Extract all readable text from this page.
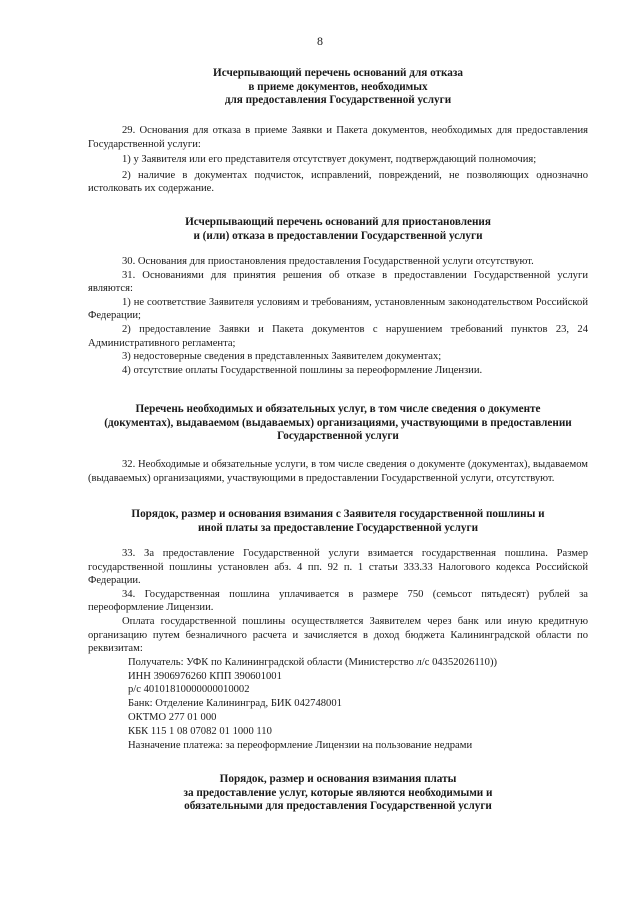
8
Исчерпывающий перечень оснований для отказа
в приеме документов, необходимых
для предоставления Государственной услуги

29. Основания для отказа в приеме Заявки и Пакета документов, необходимых для предоставления Государственной услуги:

1) у Заявителя или его представителя отсутствует документ, подтверждающий полномочия;

2) наличие в документах подчисток, исправлений, повреждений, не позволяющих однозначно истолковать их содержание.

Исчерпывающий перечень оснований для приостановления
и (или) отказа в предоставлении Государственной услуги

30. Основания для приостановления предоставления Государственной услуги отсутствуют.

31. Основаниями для принятия решения об отказе в предоставлении Государственной услуги являются:

1) не соответствие Заявителя условиям и требованиям, установленным законодательством Российской Федерации;

2) предоставление Заявки и Пакета документов с нарушением требований пунктов 23, 24 Административного регламента;

3) недостоверные сведения в представленных Заявителем документах;

4) отсутствие оплаты Государственной пошлины за переоформление Лицензии.

Перечень необходимых и обязательных услуг, в том числе сведения о документе
(документах), выдаваемом (выдаваемых) организациями, участвующими в предоставлении
Государственной услуги

32. Необходимые и обязательные услуги, в том числе сведения о документе (документах), выдаваемом (выдаваемых) организациями, участвующими в предоставлении Государственной услуги, отсутствуют.

Порядок, размер и основания взимания с Заявителя государственной пошлины и
иной платы за предоставление Государственной услуги

33. За предоставление Государственной услуги взимается государственная пошлина. Размер государственной пошлины установлен абз. 4 пп. 92 п. 1 статьи 333.33 Налогового кодекса Российской Федерации.

34. Государственная пошлина уплачивается в размере 750 (семьсот пятьдесят) рублей за переоформление Лицензии.

Оплата государственной пошлины осуществляется Заявителем через банк или иную кредитную организацию путем безналичного расчета и зачисляется в доход бюджета Калининградской области по реквизитам:

Получатель: УФК по Калининградской области (Министерство л/с 04352026110))
ИНН 3906976260 КПП 390601001
р/с 40101810000000010002
Банк: Отделение Калининград, БИК 042748001
ОКТМО 277 01 000
КБК 115 1 08 07082 01 1000 110
Назначение платежа: за переоформление Лицензии на пользование недрами
Порядок, размер и основания взимания платы
за предоставление услуг, которые являются необходимыми и
обязательными для предоставления Государственной услуги
